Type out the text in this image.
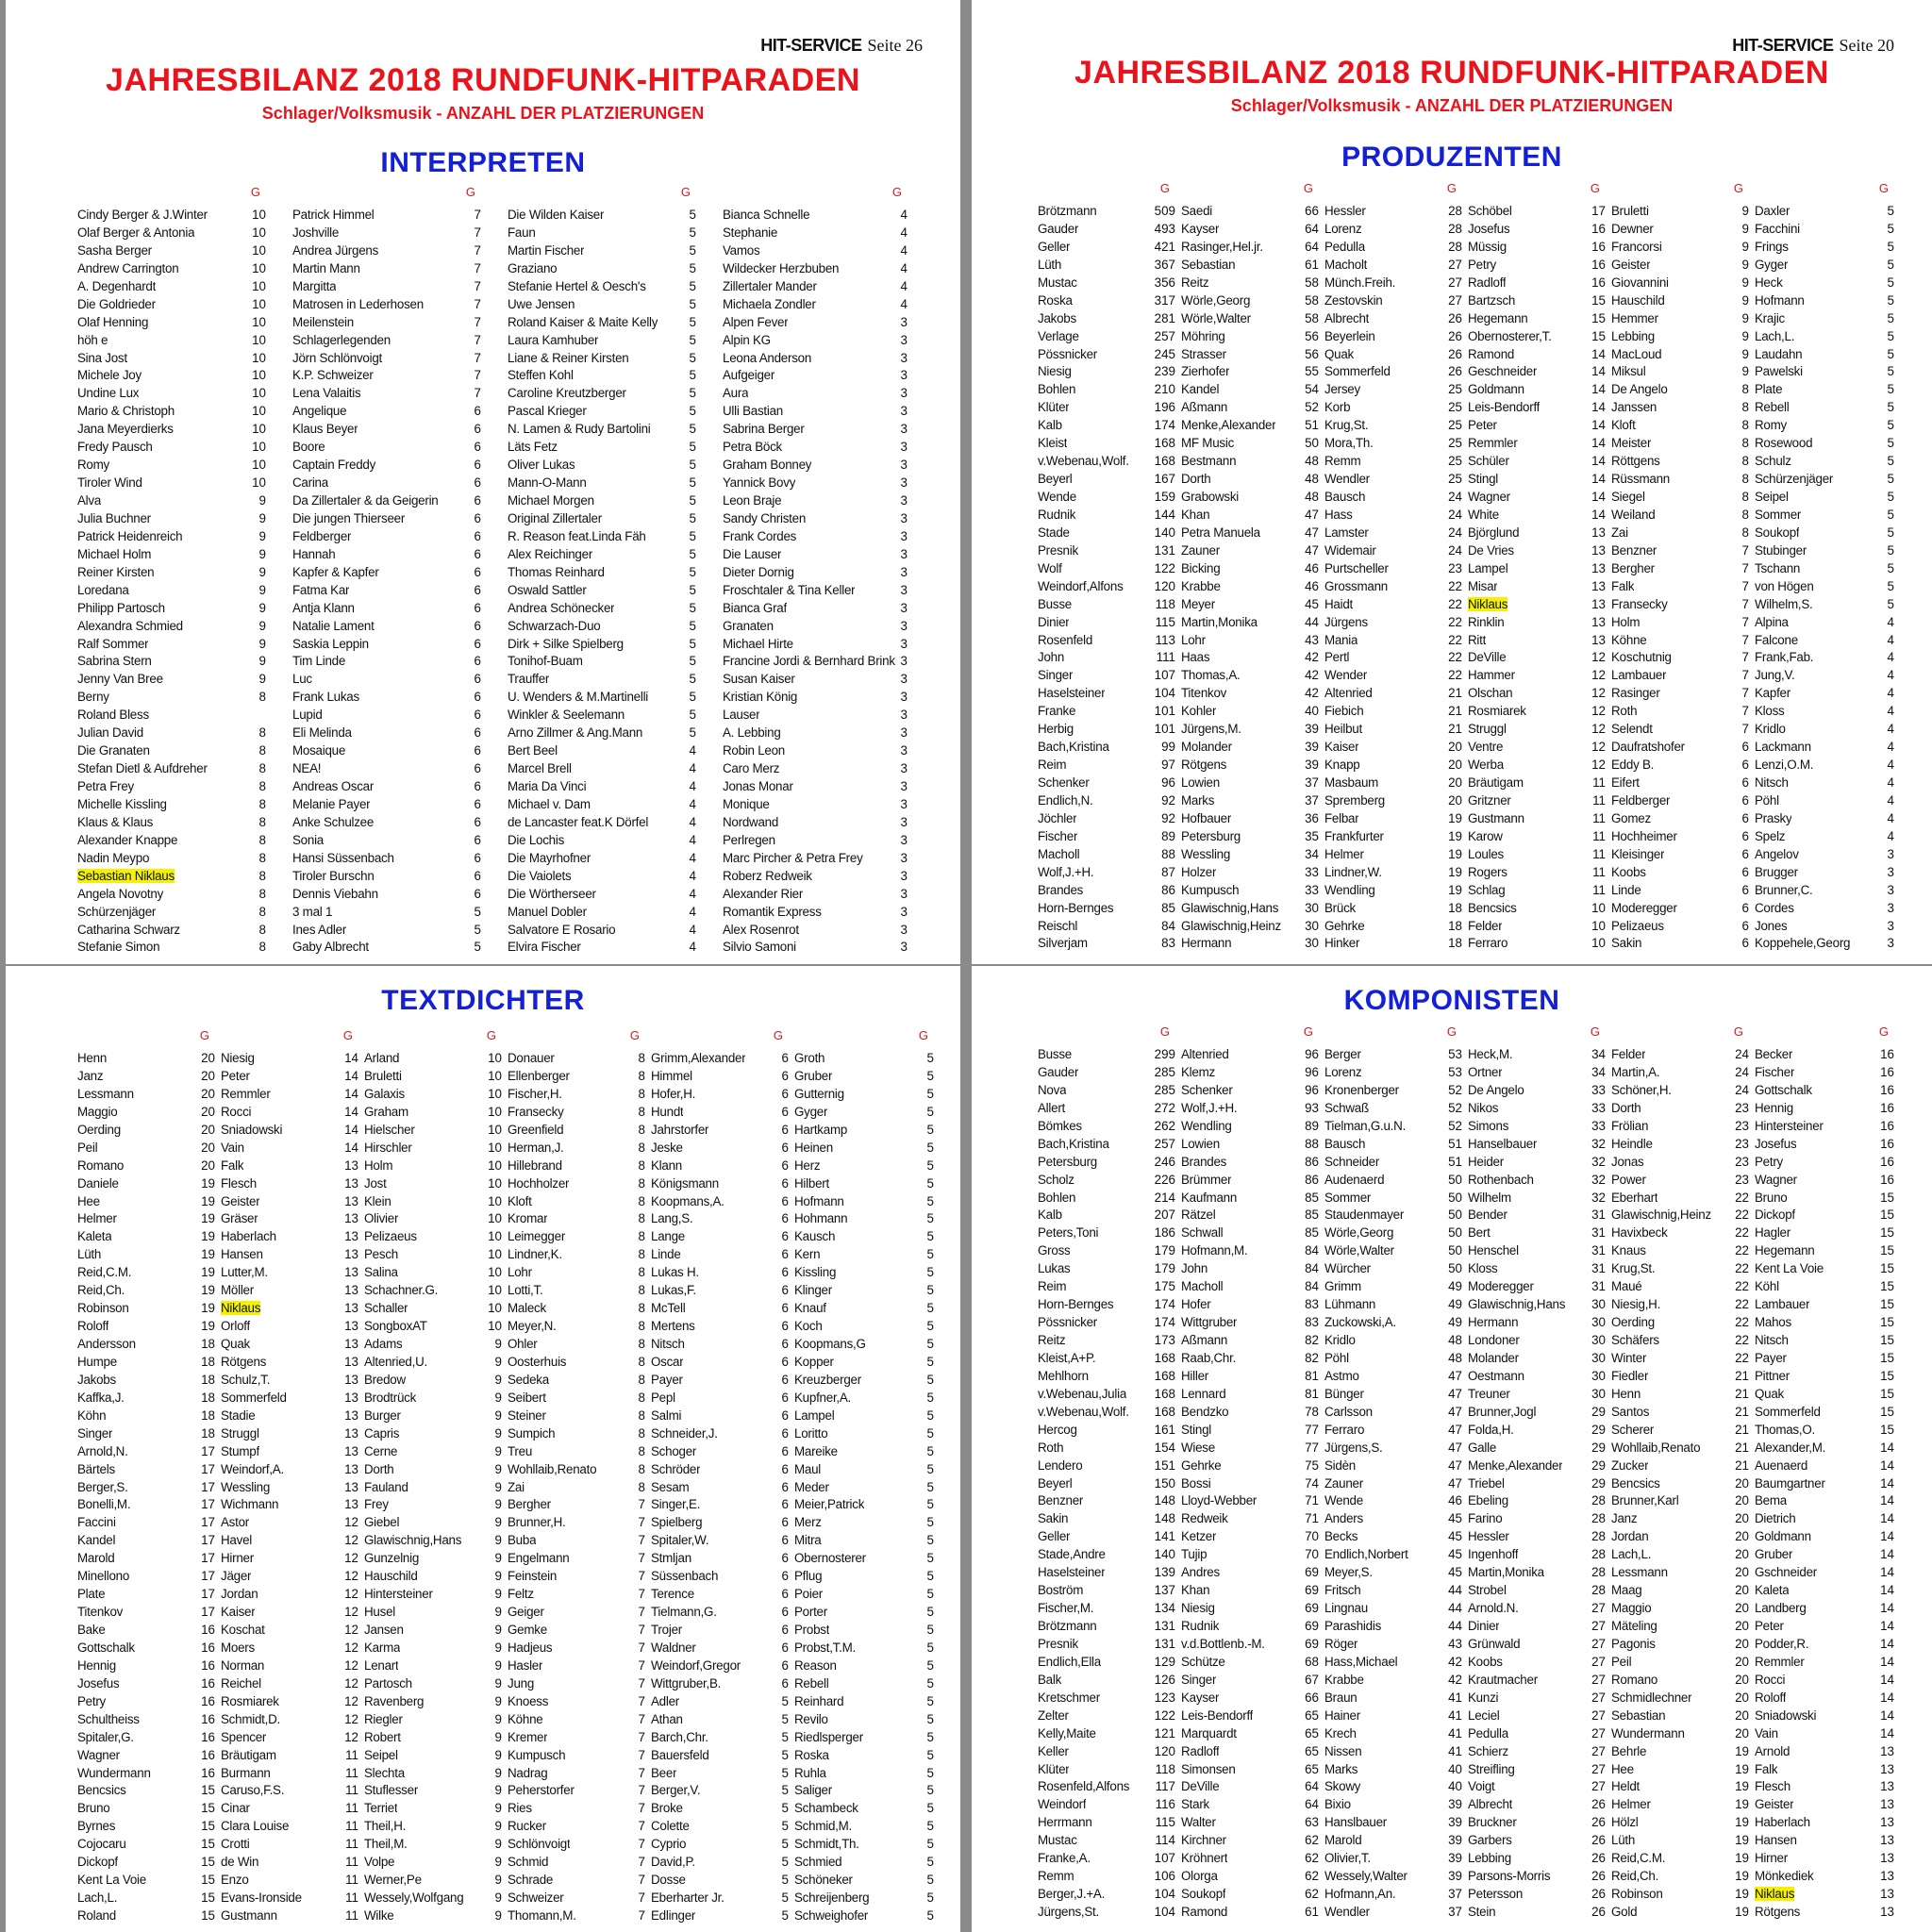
HIT-SERVICE Seite 26
JAHRESBILANZ 2018 RUNDFUNK-HITPARADEN
Schlager/Volksmusik - ANZAHL DER PLATZIERUNGEN
INTERPRETEN
G
Cindy Berger & J.Winter	10
Olaf Berger & Antonia	10
Sasha Berger	10
Andrew Carrington	10
A. Degenhardt	10
Die Goldrieder	10
Olaf Henning	10
höh e	10
Sina Jost	10
Michele Joy	10
Undine Lux	10
Mario & Christoph	10
Jana Meyerdierks	10
Fredy Pausch	10
Romy	10
Tiroler Wind	10
Alva	9
Julia Buchner	9
Patrick Heidenreich	9
Michael Holm	9
Reiner Kirsten	9
Loredana	9
Philipp Partosch	9
Alexandra Schmied	9
Ralf Sommer	9
Sabrina Stern	9
Jenny Van Bree	9
Berny	8
Roland Bless
Julian David	8
Die Granaten	8
Stefan Dietl & Aufdreher	8
Petra Frey	8
Michelle Kissling	8
Klaus & Klaus	8
Alexander Knappe	8
Nadin Meypo	8
Sebastian Niklaus	8
Angela Novotny	8
Schürzenjäger	8
Catharina Schwarz	8
Stefanie Simon	8
G
Patrick Himmel	7
Joshville	7
Andrea Jürgens	7
Martin Mann	7
Margitta	7
Matrosen in Lederhosen	7
Meilenstein	7
Schlagerlegenden	7
Jörn Schlönvoigt	7
K.P. Schweizer	7
Lena Valaitis	7
Angelique	6
Klaus Beyer	6
Boore	6
Captain Freddy	6
Carina	6
Da Zillertaler & da Geigerin	6
Die jungen Thierseer	6
Feldberger	6
Hannah	6
Kapfer & Kapfer	6
Fatma Kar	6
Antja Klann	6
Natalie Lament	6
Saskia Leppin	6
Tim Linde	6
Luc	6
Frank Lukas	6
Lupid	6
Eli Melinda	6
Mosaique	6
NEA!	6
Andreas Oscar	6
Melanie Payer	6
Anke Schulzee	6
Sonia	6
Hansi Süssenbach	6
Tiroler Burschn	6
Dennis Viebahn	6
3 mal 1	5
Ines Adler	5
Gaby Albrecht	5
G
Die Wilden Kaiser	5
Faun	5
Martin Fischer	5
Graziano	5
Stefanie Hertel & Oesch's	5
Uwe Jensen	5
Roland Kaiser & Maite Kelly 5
Laura Kamhuber	5
Liane & Reiner Kirsten	5
Steffen Kohl	5
Caroline Kreutzberger	5
Pascal Krieger	5
N. Lamen & Rudy Bartolini	5
Läts Fetz	5
Oliver Lukas	5
Mann-O-Mann	5
Michael Morgen	5
Original Zillertaler	5
R. Reason feat.Linda Fäh	5
Alex Reichinger	5
Thomas Reinhard	5
Oswald Sattler	5
Andrea Schönecker	5
Schwarzach-Duo	5
Dirk + Silke Spielberg	5
Tonihof-Buam	5
Trauffer	5
U. Wenders & M.Martinelli	5
Winkler & Seelemann	5
Arno Zillmer & Ang.Mann	5
Bert Beel	4
Marcel Brell	4
Maria Da Vinci	4
Michael v. Dam	4
de Lancaster feat.K Dörfel	4
Die Lochis	4
Die Mayrhofner	4
Die Vaiolets	4
Die Wörtherseer	4
Manuel Dobler	4
Salvatore E Rosario	4
Elvira Fischer	4
G
Bianca Schnelle	4
Stephanie	4
Vamos	4
Wildecker Herzbuben	4
Zillertaler Mander	4
Michaela Zondler	4
Alpen Fever	3
Alpin KG	3
Leona Anderson	3
Aufgeiger	3
Aura	3
Ulli Bastian	3
Sabrina Berger	3
Petra Böck	3
Graham Bonney	3
Yannick Bovy	3
Leon Braje	3
Sandy Christen	3
Frank Cordes	3
Die Lauser	3
Dieter Dornig	3
Froschtaler & Tina Keller	3
Bianca Graf	3
Granaten	3
Michael Hirte	3
Francine Jordi & Bernhard Brink 3
Susan Kaiser	3
Kristian König	3
Lauser	3
A. Lebbing	3
Robin Leon	3
Caro Merz	3
Jonas Monar	3
Monique	3
Nordwand	3
Perlregen	3
Marc Pircher & Petra Frey	3
Roberz Redweik	3
Alexander Rier	3
Romantik Express	3
Alex Rosenrot	3
Silvio Samoni	3
HIT-SERVICE Seite 20
JAHRESBILANZ 2018 RUNDFUNK-HITPARADEN
Schlager/Volksmusik - ANZAHL DER PLATZIERUNGEN
PRODUZENTEN
G
Brötzmann	509
Gauder	493
Geller	421
Lüth	367
Mustac	356
Roska	317
Jakobs	281
Verlage	257
Pössnicker	245
Niesig	239
Bohlen	210
Klüter	196
Kalb	174
Kleist	168
v.Webenau,Wolf. 168
Beyerl	167
Wende	159
Rudnik	144
Stade	140
Presnik	131
Wolf	122
Weindorf,Alfons 120
Busse	118
Dinier	115
Rosenfeld	113
John	111
Singer	107
Haselsteiner	104
Franke	101
Herbig	101
Bach,Kristina	99
Reim	97
Schenker	96
Endlich,N.	92
Jöchler	92
Fischer	89
Macholl	88
Wolf,J.+H.	87
Brandes	86
Horn-Bernges	85
Reischl	84
Silverjam	83
G
Saedi	66
Kayser	64
Rasinger,Hel.jr.	64
Sebastian	61
Reitz	58
Wörle,Georg	58
Wörle,Walter	58
Möhring	56
Strasser	56
Zierhofer	55
Kandel	54
Aßmann	52
Menke,Alexander 51
MF Music	50
Bestmann	48
Dorth	48
Grabowski	48
Khan	47
Petra Manuela	47
Zauner	47
Bicking	46
Krabbe	46
Meyer	45
Martin,Monika	44
Lohr	43
Haas	42
Thomas,A.	42
Titenkov	42
Kohler	40
Jürgens,M.	39
Molander	39
Rötgens	39
Lowien	37
Marks	37
Hofbauer	36
Petersburg	35
Wessling	34
Holzer	33
Kumpusch	33
Glawischnig,Hans 30
Glawischnig,Heinz 30
Hermann	30
G
Hessler	28
Lorenz	28
Pedulla	28
Macholt	27
Münch.Freih.	27
Zestovskin	27
Albrecht	26
Beyerlein	26
Quak	26
Sommerfeld	26
Jersey	25
Korb	25
Krug,St.	25
Mora,Th.	25
Remm	25
Wendler	25
Bausch	24
Hass	24
Lamster	24
Widemair	24
Purtscheller	23
Grossmann	22
Haidt	22
Jürgens	22
Mania	22
Pertl	22
Wender	22
Altenried	21
Fiebich	21
Heilbut	21
Kaiser	20
Knapp	20
Masbaum	20
Spremberg	20
Felbar	19
Frankfurter	19
Helmer	19
Lindner,W.	19
Wendling	19
Brück	18
Gehrke	18
Hinker	18
G
Schöbel	17
Josefus	16
Müssig	16
Petry	16
Radloff	16
Bartzsch	15
Hegemann	15
Obernosterer,T.	15
Ramond	14
Geschneider	14
Goldmann	14
Leis-Bendorff	14
Peter	14
Remmler	14
Schüler	14
Stingl	14
Wagner	14
White	14
Björglund	13
De Vries	13
Lampel	13
Misar	13
Niklaus	13
Rinklin	13
Ritt	13
DeVille	12
Hammer	12
Olschan	12
Rosmiarek	12
Struggl	12
Ventre	12
Werba	12
Bräutigam	11
Gritzner	11
Gustmann	11
Karow	11
Loules	11
Rogers	11
Schlag	11
Bencsics	10
Felder	10
Ferraro	10
G
Bruletti	9
Dewner	9
Francorsi	9
Geister	9
Giovannini	9
Hauschild	9
Hemmer	9
Lebbing	9
MacLoud	9
Miksul	9
De Angelo	8
Janssen	8
Kloft	8
Meister	8
Röttgens	8
Rüssmann	8
Siegel	8
Weiland	8
Zai	8
Benzner	7
Bergher	7
Falk	7
Fransecky	7
Holm	7
Köhne	7
Koschutnig	7
Lambauer	7
Rasinger	7
Roth	7
Selendt	7
Daufratshofer	6
Eddy B.	6
Eifert	6
Feldberger	6
Gomez	6
Hochheimer	6
Kleisinger	6
Koobs	6
Linde	6
Moderegger	6
Pelizaeus	6
Sakin	6
G
Daxler	5
Facchini	5
Frings	5
Gyger	5
Heck	5
Hofmann	5
Krajic	5
Lach,L.	5
Laudahn	5
Pawelski	5
Plate	5
Rebell	5
Romy	5
Rosewood	5
Schulz	5
Schürzenjäger	5
Seipel	5
Sommer	5
Soukopf	5
Stubinger	5
Tschann	5
von Högen	5
Wilhelm,S.	5
Alpina	4
Falcone	4
Frank,Fab.	4
Jung,V.	4
Kapfer	4
Kloss	4
Kridlo	4
Lackmann	4
Lenzi,O.M.	4
Nitsch	4
Pöhl	4
Prasky	4
Spelz	4
Angelov	3
Brugger	3
Brunner,C.	3
Cordes	3
Jones	3
Koppehele,Georg	3
TEXTDICHTER
G
Henn	20
Janz	20
Lessmann	20
Maggio	20
Oerding	20
Peil	20
Romano	20
Daniele	19
Hee	19
Helmer	19
Kaleta	19
Lüth	19
Reid,C.M.	19
Reid,Ch.	19
Robinson	19
Roloff	19
Andersson	18
Humpe	18
Jakobs	18
Kaffka,J.	18
Köhn	18
Singer	18
Arnold,N.	17
Bärtels	17
Berger,S.	17
Bonelli,M.	17
Faccini	17
Kandel	17
Marold	17
Minellono	17
Plate	17
Titenkov	17
Bake	16
Gottschalk	16
Hennig	16
Josefus	16
Petry	16
Schultheiss	16
Spitaler,G.	16
Wagner	16
Wundermann	16
Bencsics	15
Bruno	15
Byrnes	15
Cojocaru	15
Dickopf	15
Kent La Voie	15
Lach,L.	15
Roland	15
G
Niesig	14
Peter	14
Remmler	14
Rocci	14
Sniadowski	14
Vain	14
Falk	13
Flesch	13
Geister	13
Gräser	13
Haberlach	13
Hansen	13
Lutter,M.	13
Möller	13
Niklaus	13
Orloff	13
Quak	13
Rötgens	13
Schulz,T.	13
Sommerfeld	13
Stadie	13
Struggl	13
Stumpf	13
Weindorf,A.	13
Wessling	13
Wichmann	13
Astor	12
Havel	12
Hirner	12
Jäger	12
Jordan	12
Kaiser	12
Koschat	12
Moers	12
Norman	12
Reichel	12
Rosmiarek	12
Schmidt,D.	12
Spencer	12
Bräutigam	11
Burmann	11
Caruso,F.S.	11
Cinar	11
Clara Louise	11
Crotti	11
de Win	11
Enzo	11
Evans-Ironside	11
Gustmann	11
G
Arland	10
Bruletti	10
Galaxis	10
Graham	10
Hielscher	10
Hirschler	10
Holm	10
Jost	10
Klein	10
Olivier	10
Pelizaeus	10
Pesch	10
Salina	10
Schachner.G.	10
Schaller	10
SongboxAT	10
Adams	9
Altenried,U.	9
Bredow	9
Brodtrück	9
Burger	9
Capris	9
Cerne	9
Dorth	9
Fauland	9
Frey	9
Giebel	9
Glawischnig,Hans	9
Gunzelnig	9
Hauschild	9
Hintersteiner	9
Husel	9
Jansen	9
Karma	9
Lenart	9
Partosch	9
Ravenberg	9
Riegler	9
Robert	9
Seipel	9
Slechta	9
Stuflesser	9
Terriet	9
Theil,H.	9
Theil,M.	9
Volpe	9
Werner,Pe	9
Wessely,Wolfgang 9
Wilke	9
G
Donauer	8
Ellenberger	8
Fischer,H.	8
Fransecky	8
Greenfield	8
Herman,J.	8
Hillebrand	8
Hochholzer	8
Kloft	8
Kromar	8
Leimegger	8
Lindner,K.	8
Lohr	8
Lotti,T.	8
Maleck	8
Meyer,N.	8
Ohler	8
Oosterhuis	8
Sedeka	8
Seibert	8
Steiner	8
Sumpich	8
Treu	8
Wohllaib,Renato	8
Zai	8
Bergher	7
Brunner,H.	7
Buba	7
Engelmann	7
Feinstein	7
Feltz	7
Geiger	7
Gemke	7
Hadjeus	7
Hasler	7
Jung	7
Knoess	7
Köhne	7
Kremer	7
Kumpusch	7
Nadrag	7
Peherstorfer	7
Ries	7
Rucker	7
Schlönvoigt	7
Schmid	7
Schrade	7
Schweizer	7
Thomann,M.	7
G
Grimm,Alexander	6
Himmel	6
Hofer,H.	6
Hundt	6
Jahrstorfer	6
Jeske	6
Klann	6
Königsmann	6
Koopmans,A.	6
Lang,S.	6
Lange	6
Linde	6
Lukas H.	6
Lukas,F.	6
McTell	6
Mertens	6
Nitsch	6
Oscar	6
Payer	6
Pepl	6
Salmi	6
Schneider,J.	6
Schoger	6
Schröder	6
Sesam	6
Singer,E.	6
Spielberg	6
Spitaler,W.	6
Stmljan	6
Süssenbach	6
Terence	6
Tielmann,G.	6
Trojer	6
Waldner	6
Weindorf,Gregor	6
Wittgruber,B.	6
Adler	5
Athan	5
Barch,Chr.	5
Bauersfeld	5
Beer	5
Berger,V.	5
Broke	5
Colette	5
Cyprio	5
David,P.	5
Dosse	5
Eberharter Jr.	5
Edlinger	5
G
Groth	5
Gruber	5
Gutternig	5
Gyger	5
Hartkamp	5
Heinen	5
Herz	5
Hilbert	5
Hofmann	5
Hohmann	5
Kausch	5
Kern	5
Kissling	5
Klinger	5
Knauf	5
Koch	5
Koopmans,G	5
Kopper	5
Kreuzberger	5
Kupfner,A.	5
Lampel	5
Loritto	5
Mareike	5
Maul	5
Meder	5
Meier,Patrick	5
Merz	5
Mitra	5
Obernosterer	5
Pflug	5
Poier	5
Porter	5
Probst	5
Probst,T.M.	5
Reason	5
Rebell	5
Reinhard	5
Revilo	5
Riedlsperger	5
Roska	5
Ruhla	5
Saliger	5
Schambeck	5
Schmid,M.	5
Schmidt,Th.	5
Schmied	5
Schöneker	5
Schreijenberg	5
Schweighofer	5
KOMPONISTEN
G
Busse	299
Gauder	285
Nova	285
Allert	272
Bömkes	262
Bach,Kristina	257
Petersburg	246
Scholz	226
Bohlen	214
Kalb	207
Peters,Toni	186
Gross	179
Lukas	179
Reim	175
Horn-Bernges	174
Pössnicker	174
Reitz	173
Kleist,A+P.	168
Mehlhorn	168
v.Webenau,Julia 168
v.Webenau,Wolf. 168
Hercog	161
Roth	154
Lendero	151
Beyerl	150
Benzner	148
Sakin	148
Geller	141
Stade,Andre	140
Haselsteiner	139
Boström	137
Fischer,M.	134
Brötzmann	131
Presnik	131
Endlich,Ella	129
Balk	126
Kretschmer	123
Zelter	122
Kelly,Maite	121
Keller	120
Klüter	118
Rosenfeld,Alfons 117
Weindorf	116
Herrmann	115
Mustac	114
Franke,A.	107
Remm	106
Berger,J.+A.	104
Jürgens,St.	104
G
Altenried	96
Klemz	96
Schenker	96
Wolf,J.+H.	93
Wendling	89
Lowien	88
Brandes	86
Brümmer	86
Kaufmann	85
Rätzel	85
Schwall	85
Hofmann,M.	84
John	84
Macholl	84
Hofer	83
Wittgruber	83
Aßmann	82
Raab,Chr.	82
Hiller	81
Lennard	81
Bendzko	78
Stingl	77
Wiese	77
Gehrke	75
Bossi	74
Lloyd-Webber	71
Redweik	71
Ketzer	70
Tujip	70
Andres	69
Khan	69
Niesig	69
Rudnik	69
v.d.Bottlenb.-M.	69
Schütze	68
Singer	67
Kayser	66
Leis-Bendorff	65
Marquardt	65
Radloff	65
Simonsen	65
DeVille	64
Stark	64
Walter	63
Kirchner	62
Kröhnert	62
Olorga	62
Soukopf	62
Ramond	61
G
Berger	53
Lorenz	53
Kronenberger	52
Schwaß	52
Tielman,G.u.N.	52
Bausch	51
Schneider	51
Audenaerd	50
Sommer	50
Staudenmayer	50
Wörle,Georg	50
Wörle,Walter	50
Würcher	50
Grimm	49
Lühmann	49
Zuckowski,A.	49
Kridlo	48
Pöhl	48
Astmo	47
Bünger	47
Carlsson	47
Ferraro	47
Jürgens,S.	47
Sidèn	47
Zauner	47
Wende	46
Anders	45
Becks	45
Endlich,Norbert	45
Meyer,S.	45
Fritsch	44
Lingnau	44
Parashidis	44
Röger	43
Hass,Michael	42
Krabbe	42
Braun	41
Hainer	41
Krech	41
Nissen	41
Marks	40
Skowy	40
Bixio	39
Hanslbauer	39
Marold	39
Olivier,T.	39
Wessely,Walter	39
Hofmann,An.	37
Wendler	37
G
Heck,M.	34
Ortner	34
De Angelo	33
Nikos	33
Simons	33
Hanselbauer	32
Heider	32
Rothenbach	32
Wilhelm	32
Bender	31
Bert	31
Henschel	31
Kloss	31
Moderegger	31
Glawischnig,Hans 30
Hermann	30
Londoner	30
Molander	30
Oestmann	30
Treuner	30
Brunner,Jogl	29
Folda,H.	29
Galle	29
Menke,Alexander 29
Triebel	29
Ebeling	28
Farino	28
Hessler	28
Ingenhoff	28
Martin,Monika	28
Strobel	28
Arnold.N.	27
Dinier	27
Grünwald	27
Koobs	27
Krautmacher	27
Kunzi	27
Leciel	27
Pedulla	27
Schierz	27
Streifling	27
Voigt	27
Albrecht	26
Bruckner	26
Garbers	26
Lebbing	26
Parsons-Morris	26
Petersson	26
Stein	26
G
Felder	24
Martin,A.	24
Schöner,H.	24
Dorth	23
Frölian	23
Heindle	23
Jonas	23
Power	23
Eberhart	22
Glawischnig,Heinz 22
Havixbeck	22
Knaus	22
Krug,St.	22
Maué	22
Niesig,H.	22
Oerding	22
Schäfers	22
Winter	22
Fiedler	21
Henn	21
Santos	21
Scherer	21
Wohllaib,Renato	21
Zucker	21
Bencsics	20
Brunner,Karl	20
Janz	20
Jordan	20
Lach,L.	20
Lessmann	20
Maag	20
Maggio	20
Mäteling	20
Pagonis	20
Peil	20
Romano	20
Schmidlechner	20
Sebastian	20
Wundermann	20
Behrle	19
Hee	19
Heldt	19
Helmer	19
Hölzl	19
Lüth	19
Reid,C.M.	19
Reid,Ch.	19
Robinson	19
Gold	19
G
Becker	16
Fischer	16
Gottschalk	16
Hennig	16
Hintersteiner	16
Josefus	16
Petry	16
Wagner	16
Bruno	15
Dickopf	15
Hagler	15
Hegemann	15
Kent La Voie	15
Köhl	15
Lambauer	15
Mahos	15
Nitsch	15
Payer	15
Pittner	15
Quak	15
Sommerfeld	15
Thomas,O.	15
Alexander,M.	14
Auenaerd	14
Baumgartner	14
Bema	14
Dietrich	14
Goldmann	14
Gruber	14
Gschneider	14
Kaleta	14
Landberg	14
Peter	14
Podder,R.	14
Remmler	14
Rocci	14
Roloff	14
Sniadowski	14
Vain	14
Arnold	13
Falk	13
Flesch	13
Geister	13
Haberlach	13
Hansen	13
Hirner	13
Mönkediek	13
Niklaus	13
Rötgens	13
